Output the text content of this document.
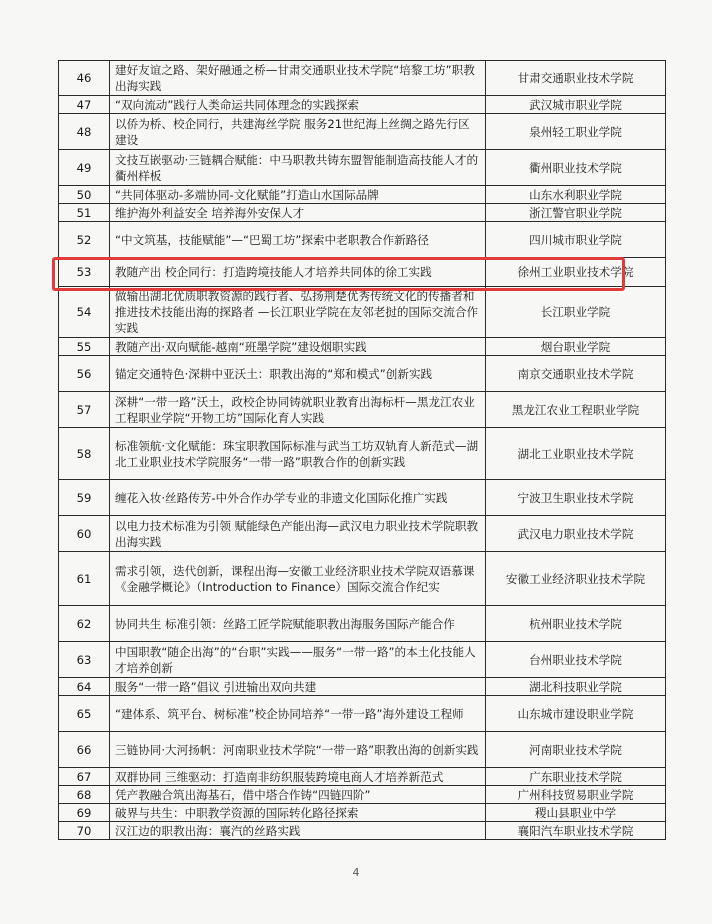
46	建好友谊之路、架好融通之桥—甘肃交通职业技术学院“培黎工坊”职教出海实践	甘肃交通职业技术学院
47	“双向流动”践行人类命运共同体理念的实践探索	武汉城市职业学院
48	以侨为桥、校企同行，共建海丝学院 服务21世纪海上丝绸之路先行区建设	泉州轻工职业学院
49	文技互嵌驱动·三链耦合赋能：中马职教共铸东盟智能制造高技能人才的衢州样板	衢州职业技术学院
50	“共同体驱动-多端协同-文化赋能”打造山水国际品牌	山东水利职业学院
51	维护海外利益安全 培养海外安保人才	浙江警官职业学院
52	“中文筑基，技能赋能”—“巴蜀工坊”探索中老职教合作新路径	四川城市职业学院
53	教随产出 校企同行：打造跨境技能人才培养共同体的徐工实践	徐州工业职业技术学院
54	做输出湖北优质职教资源的践行者、弘扬荆楚优秀传统文化的传播者和推进技术技能出海的探路者 —长江职业学院在友邻老挝的国际交流合作实践	长江职业学院
55	教随产出·双向赋能-越南“班墨学院”建设烟职实践	烟台职业学院
56	锚定交通特色·深耕中亚沃土：职教出海的“郑和模式”创新实践	南京交通职业技术学院
57	深耕“一带一路”沃土，政校企协同铸就职业教育出海标杆—黑龙江农业工程职业学院“开物工坊”国际化育人实践	黑龙江农业工程职业学院
58	标准领航·文化赋能：珠宝职教国际标准与武当工坊双轨育人新范式—湖北工业职业技术学院服务“一带一路”职教合作的创新实践	湖北工业职业技术学院
59	缠花入妆·丝路传芳-中外合作办学专业的非遗文化国际化推广实践	宁波卫生职业技术学院
60	以电力技术标准为引领 赋能绿色产能出海—武汉电力职业技术学院职教出海实践	武汉电力职业技术学院
61	需求引领，迭代创新，课程出海—安徽工业经济职业技术学院双语慕课《金融学概论》（Introduction to Finance）国际交流合作纪实	安徽工业经济职业技术学院
62	协同共生 标准引领：丝路工匠学院赋能职教出海服务国际产能合作	杭州职业技术学院
63	中国职教“随企出海”的“台职”实践——服务“一带一路”的本土化技能人才培养创新	台州职业技术学院
64	服务“一带一路”倡议 引进输出双向共建	湖北科技职业学院
65	“建体系、筑平台、树标准”校企协同培养“一带一路”海外建设工程师	山东城市建设职业学院
66	三链协同·大河扬帆：河南职业技术学院“一带一路”职教出海的创新实践	河南职业技术学院
67	双群协同 三维驱动：打造南非纺织服装跨境电商人才培养新范式	广东职业技术学院
68	凭产教融合筑出海基石，借中塔合作铸“四链四阶”	广州科技贸易职业学院
69	破界与共生：中职教学资源的国际转化路径探索	稷山县职业中学
70	汉江边的职教出海：襄汽的丝路实践	襄阳汽车职业技术学院
4
